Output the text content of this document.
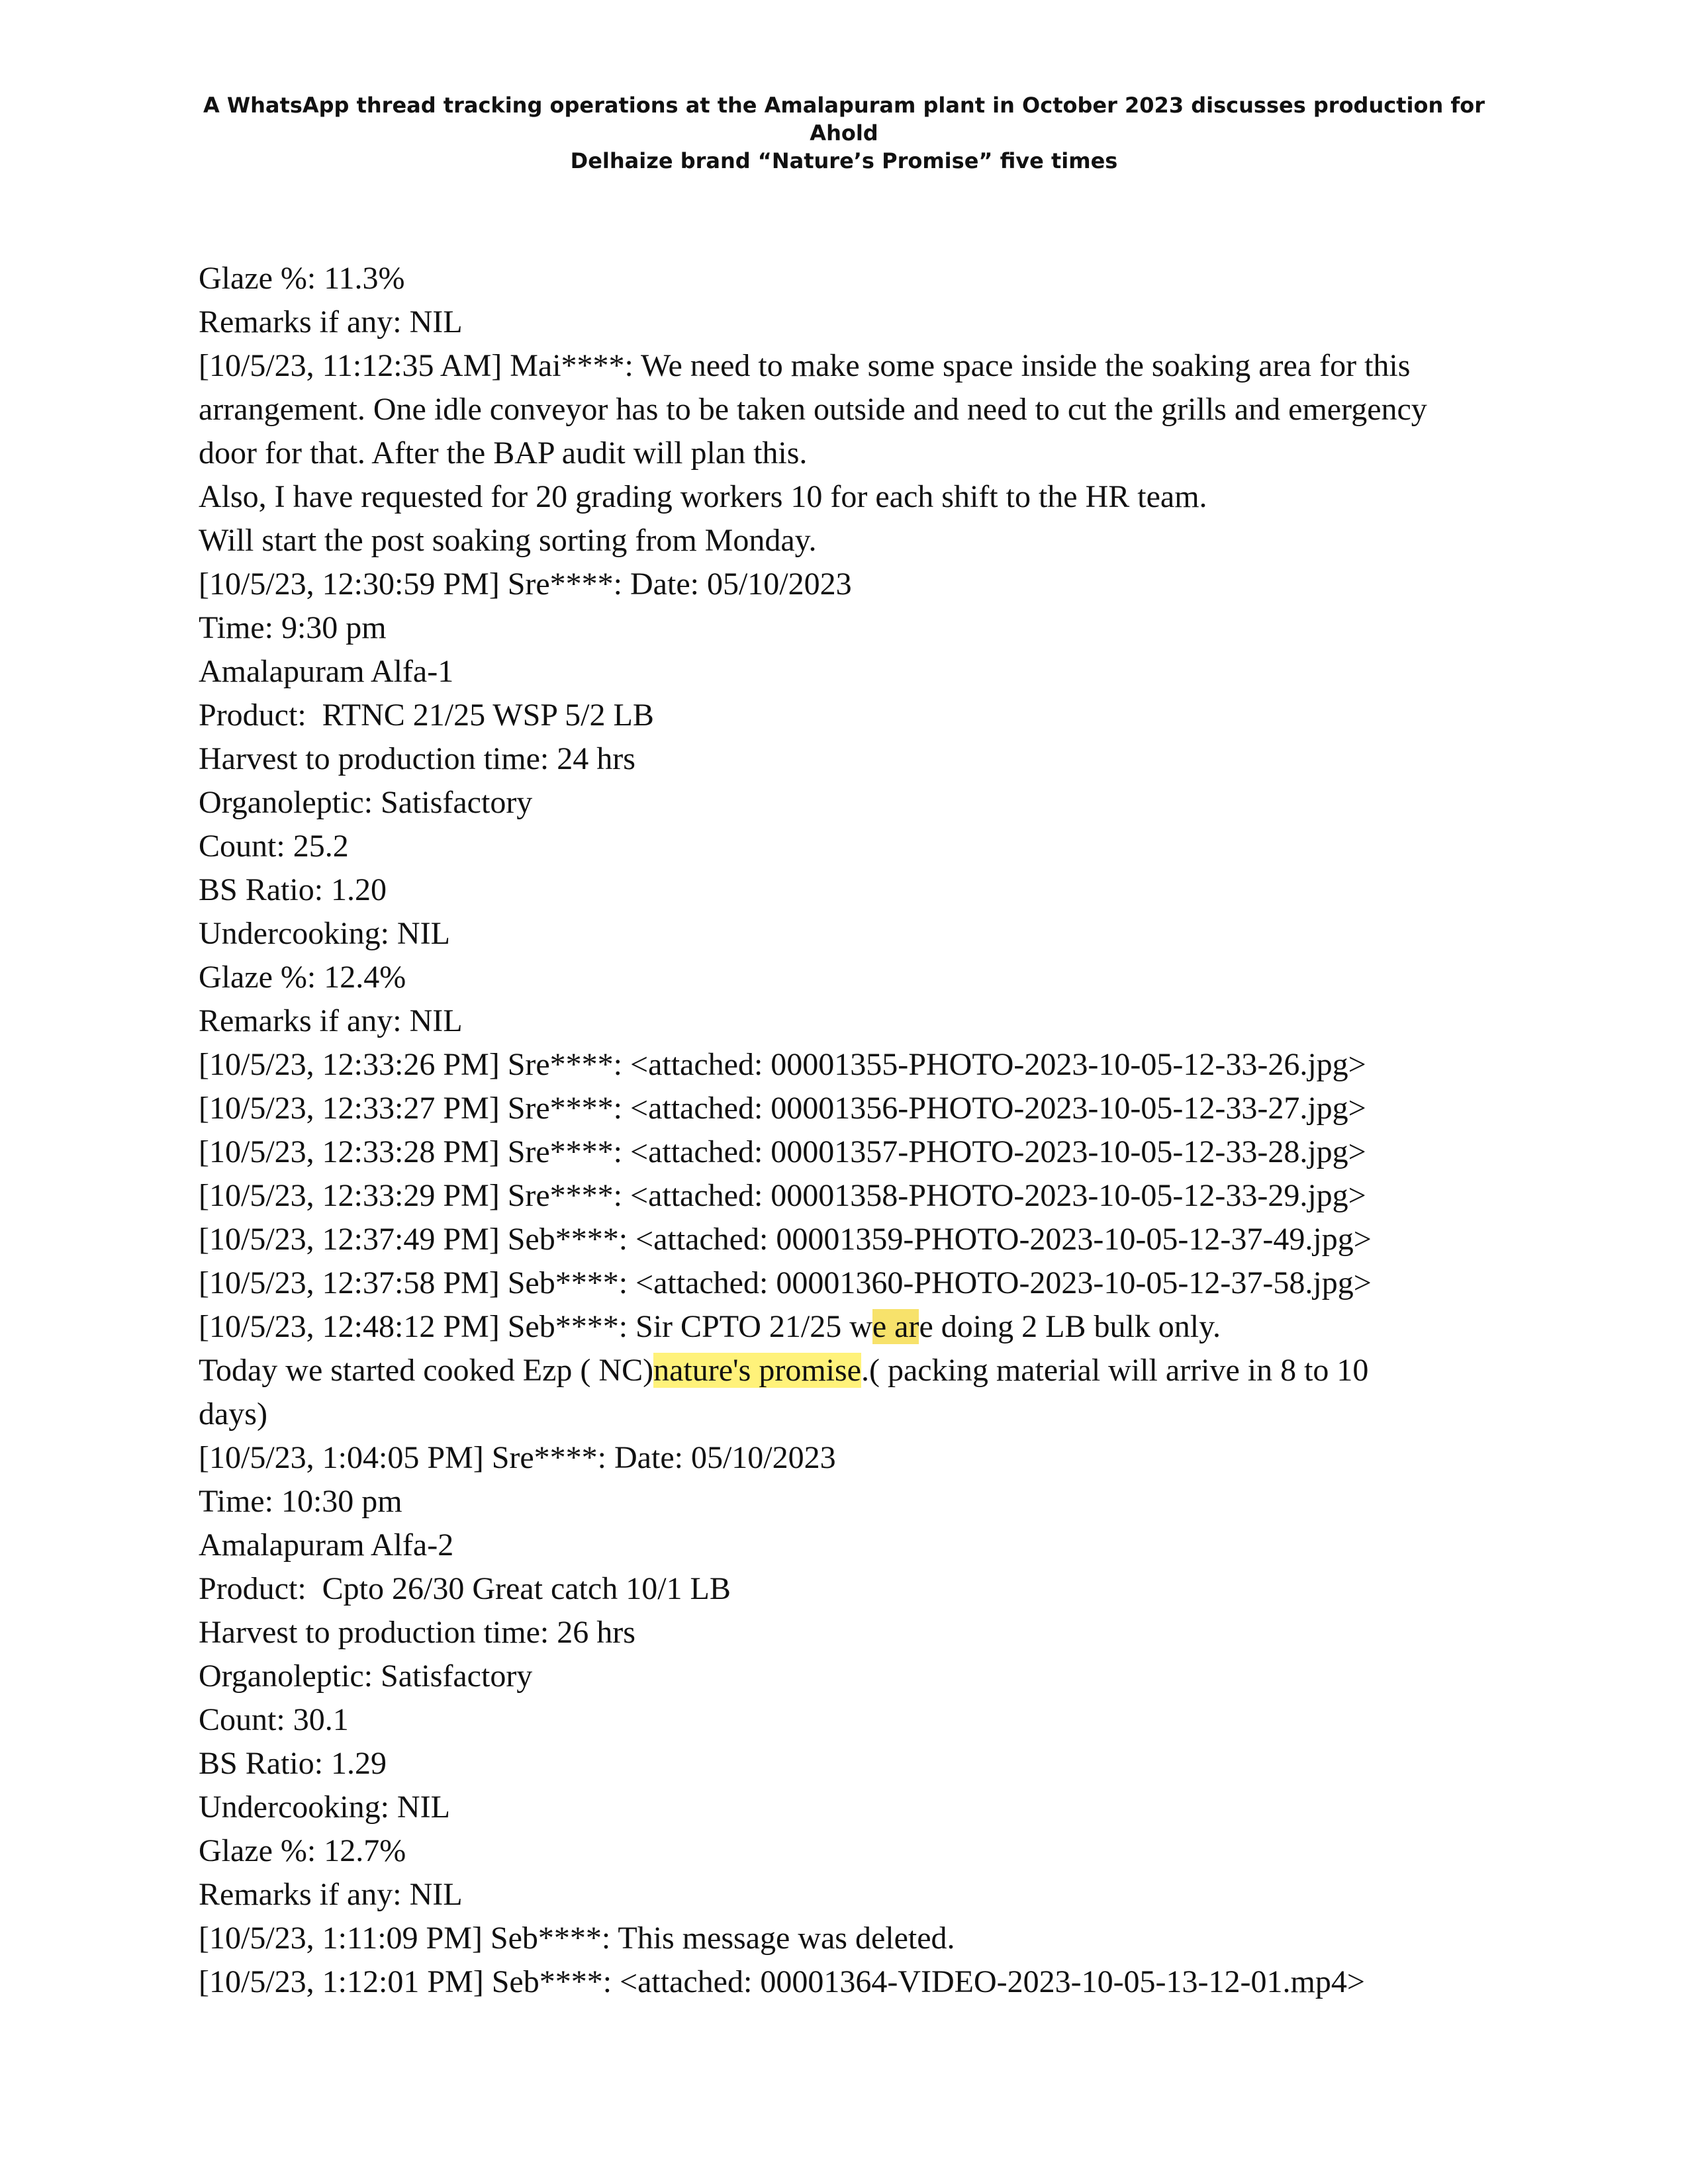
A WhatsApp thread tracking operations at the Amalapuram plant in October 2023 discusses production for Ahold
Delhaize brand “Nature’s Promise” five times
Glaze %: 11.3%
Remarks if any: NIL
[10/5/23, 11:12:35 AM] Mai****: We need to make some space inside the soaking area for this
arrangement. One idle conveyor has to be taken outside and need to cut the grills and emergency
door for that. After the BAP audit will plan this.
Also, I have requested for 20 grading workers 10 for each shift to the HR team.
Will start the post soaking sorting from Monday.
[10/5/23, 12:30:59 PM] Sre****: Date: 05/10/2023
Time: 9:30 pm
Amalapuram Alfa-1
Product:  RTNC 21/25 WSP 5/2 LB
Harvest to production time: 24 hrs
Organoleptic: Satisfactory
Count: 25.2
BS Ratio: 1.20
Undercooking: NIL
Glaze %: 12.4%
Remarks if any: NIL
[10/5/23, 12:33:26 PM] Sre****: <attached: 00001355-PHOTO-2023-10-05-12-33-26.jpg>
[10/5/23, 12:33:27 PM] Sre****: <attached: 00001356-PHOTO-2023-10-05-12-33-27.jpg>
[10/5/23, 12:33:28 PM] Sre****: <attached: 00001357-PHOTO-2023-10-05-12-33-28.jpg>
[10/5/23, 12:33:29 PM] Sre****: <attached: 00001358-PHOTO-2023-10-05-12-33-29.jpg>
[10/5/23, 12:37:49 PM] Seb****: <attached: 00001359-PHOTO-2023-10-05-12-37-49.jpg>
[10/5/23, 12:37:58 PM] Seb****: <attached: 00001360-PHOTO-2023-10-05-12-37-58.jpg>
[10/5/23, 12:48:12 PM] Seb****: Sir CPTO 21/25 we are doing 2 LB bulk only.
Today we started cooked Ezp ( NC)nature's promise.( packing material will arrive in 8 to 10
days)
[10/5/23, 1:04:05 PM] Sre****: Date: 05/10/2023
Time: 10:30 pm
Amalapuram Alfa-2
Product:  Cpto 26/30 Great catch 10/1 LB
Harvest to production time: 26 hrs
Organoleptic: Satisfactory
Count: 30.1
BS Ratio: 1.29
Undercooking: NIL
Glaze %: 12.7%
Remarks if any: NIL
[10/5/23, 1:11:09 PM] Seb****: This message was deleted.
[10/5/23, 1:12:01 PM] Seb****: <attached: 00001364-VIDEO-2023-10-05-13-12-01.mp4>
